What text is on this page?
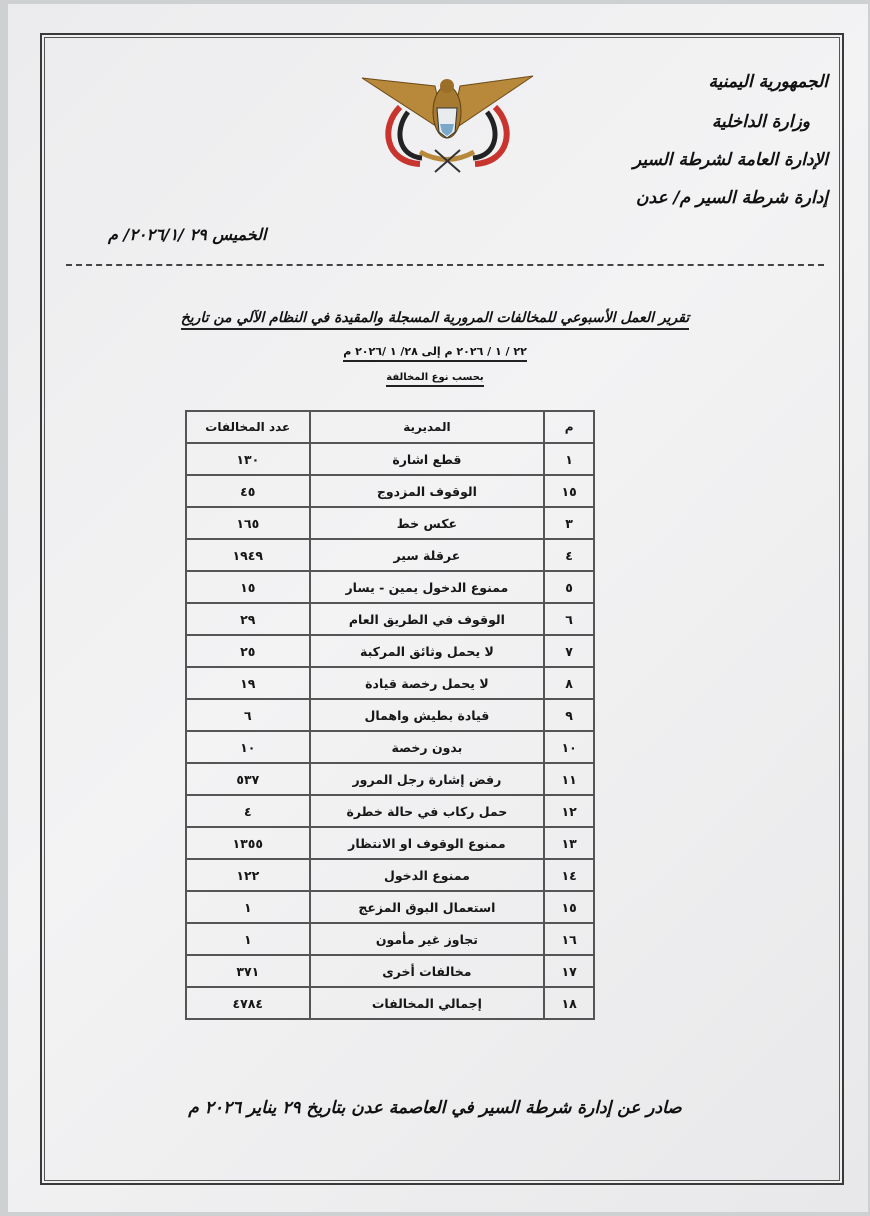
الجمهورية اليمنية
وزارة الداخلية
الإدارة العامة لشرطة السير
إدارة شرطة السير م/ عدن
الخميس ٢٩ /٢٠٢٦/١/ م
تقرير العمل الأسبوعي للمخالفات المرورية المسجلة والمقيدة في النظام الآلي من تاريخ
٢٢ / ١ / ٢٠٢٦ م إلى ٢٨/ ١ /٢٠٢٦ م
بحسب نوع المخالفة
م	المديرية	عدد المخالفات
١	قطع اشارة	١٣٠
١٥	الوقوف المزدوج	٤٥
٣	عكس خط	١٦٥
٤	عرقلة سير	١٩٤٩
٥	ممنوع الدخول يمين - يسار	١٥
٦	الوقوف في الطريق العام	٢٩
٧	لا يحمل وثائق المركبة	٢٥
٨	لا يحمل رخصة قيادة	١٩
٩	قيادة بطيش واهمال	٦
١٠	بدون رخصة	١٠
١١	رفض إشارة رجل المرور	٥٣٧
١٢	حمل ركاب في حالة خطرة	٤
١٣	ممنوع الوقوف او الانتظار	١٣٥٥
١٤	ممنوع الدخول	١٢٢
١٥	استعمال البوق المزعج	١
١٦	تجاوز غير مأمون	١
١٧	مخالفات أخرى	٣٧١
١٨	إجمالي المخالفات	٤٧٨٤
صادر عن إدارة شرطة السير في العاصمة عدن بتاريخ ٢٩ يناير ٢٠٢٦ م
